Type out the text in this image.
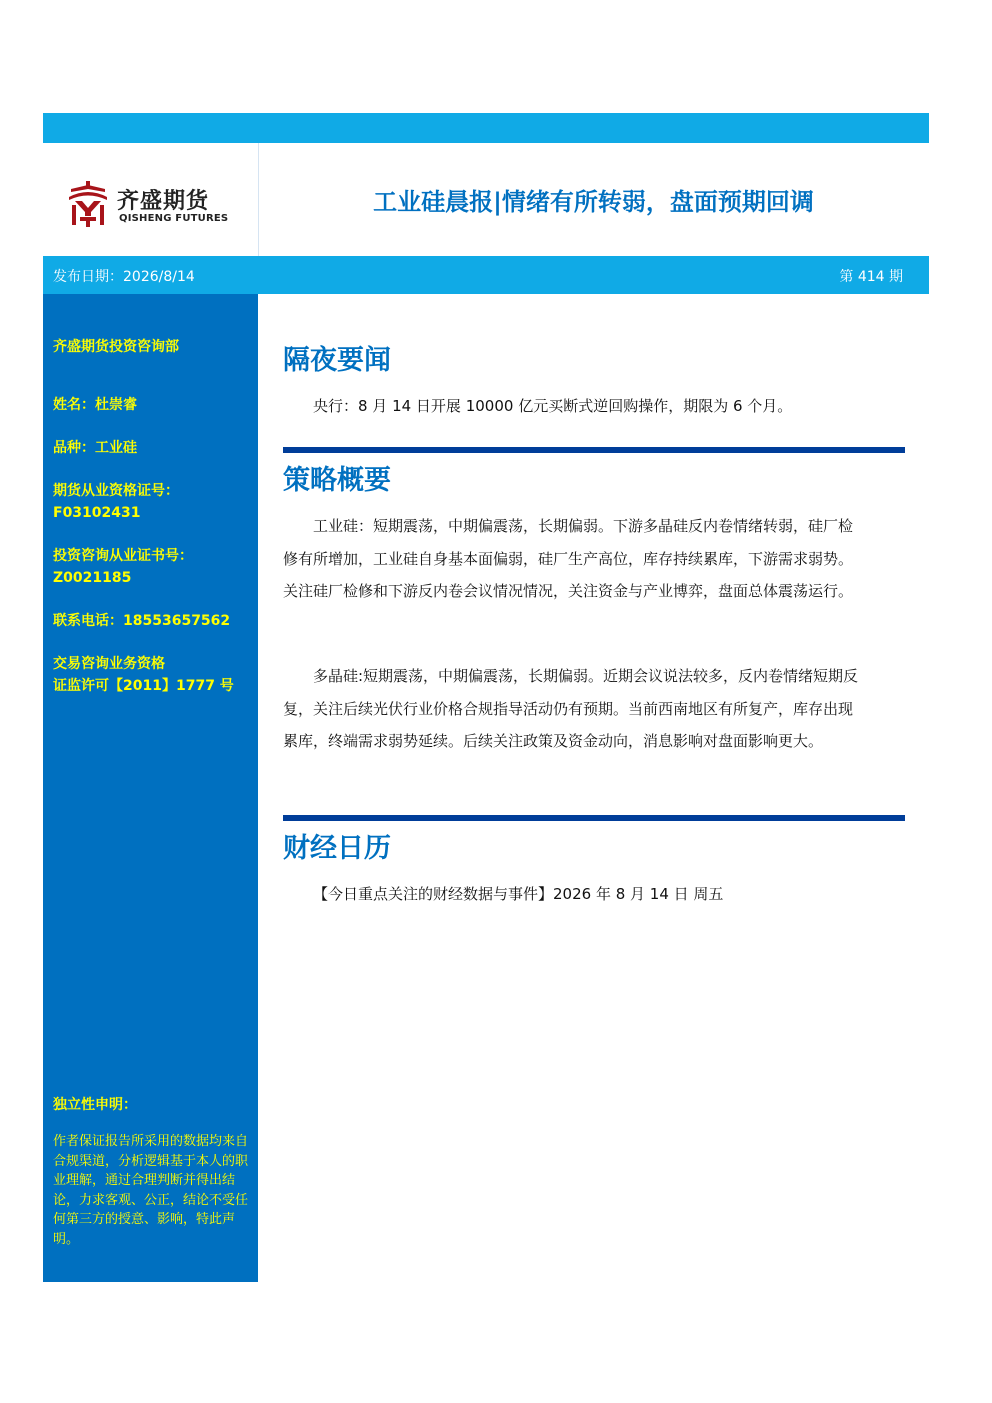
齐盛期货
QISHENG FUTURES
工业硅晨报|情绪有所转弱，盘面预期回调
发布日期：2026/8/14	第 414 期
齐盛期货投资咨询部
姓名：杜崇睿
品种：工业硅
期货从业资格证号：
F03102431
投资咨询从业证书号：
Z0021185
联系电话：18553657562
交易咨询业务资格
证监许可【2011】1777 号
独立性申明：
作者保证报告所采用的数据均来自合规渠道，分析逻辑基于本人的职业理解，通过合理判断并得出结论，力求客观、公正，结论不受任何第三方的授意、影响，特此声明。
隔夜要闻
央行：8 月 14 日开展 10000 亿元买断式逆回购操作，期限为 6 个月。
策略概要
工业硅：短期震荡，中期偏震荡，长期偏弱。下游多晶硅反内卷情绪转弱，硅厂检修有所增加，工业硅自身基本面偏弱，硅厂生产高位，库存持续累库，下游需求弱势。关注硅厂检修和下游反内卷会议情况情况，关注资金与产业博弈，盘面总体震荡运行。
多晶硅:短期震荡，中期偏震荡，长期偏弱。近期会议说法较多，反内卷情绪短期反复，关注后续光伏行业价格合规指导活动仍有预期。当前西南地区有所复产，库存出现累库，终端需求弱势延续。后续关注政策及资金动向，消息影响对盘面影响更大。
财经日历
【今日重点关注的财经数据与事件】2026 年 8 月 14 日 周五
